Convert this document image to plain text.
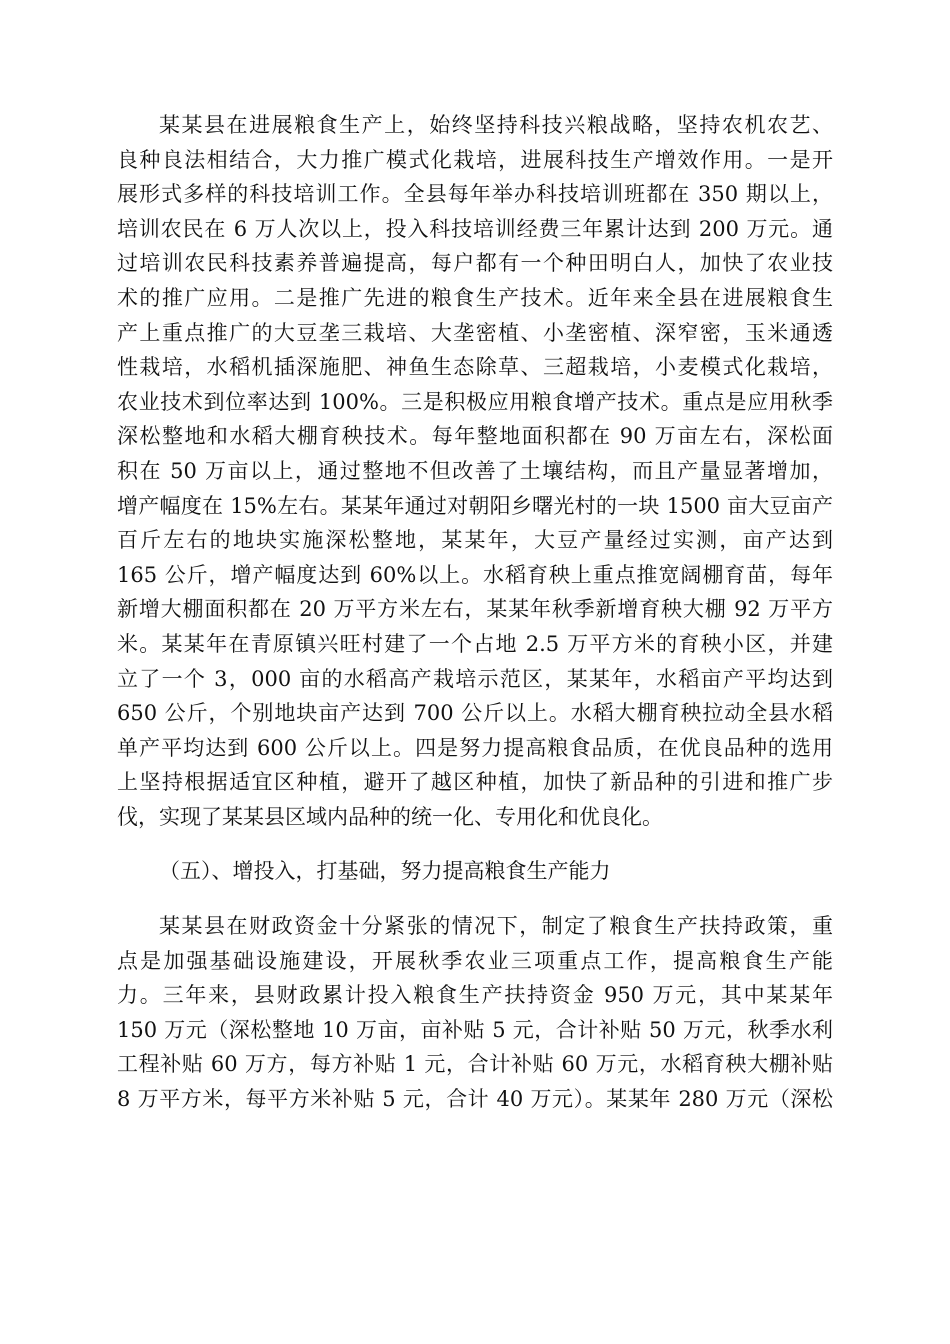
某某县在进展粮食生产上，始终坚持科技兴粮战略，坚持农机农艺、
良种良法相结合，大力推广模式化栽培，进展科技生产增效作用。一是开
展形式多样的科技培训工作。全县每年举办科技培训班都在 350 期以上，
培训农民在 6 万人次以上，投入科技培训经费三年累计达到 200 万元。通
过培训农民科技素养普遍提高，每户都有一个种田明白人，加快了农业技
术的推广应用。二是推广先进的粮食生产技术。近年来全县在进展粮食生
产上重点推广的大豆垄三栽培、大垄密植、小垄密植、深窄密，玉米通透
性栽培，水稻机插深施肥、神鱼生态除草、三超栽培，小麦模式化栽培，
农业技术到位率达到 100%。三是积极应用粮食增产技术。重点是应用秋季
深松整地和水稻大棚育秧技术。每年整地面积都在 90 万亩左右，深松面
积在 50 万亩以上，通过整地不但改善了土壤结构，而且产量显著增加，
增产幅度在 15%左右。某某年通过对朝阳乡曙光村的一块 1500 亩大豆亩产
百斤左右的地块实施深松整地，某某年，大豆产量经过实测，亩产达到
165 公斤，增产幅度达到 60%以上。水稻育秧上重点推宽阔棚育苗，每年
新增大棚面积都在 20 万平方米左右，某某年秋季新增育秧大棚 92 万平方
米。某某年在青原镇兴旺村建了一个占地 2.5 万平方米的育秧小区，并建
立了一个 3，000 亩的水稻高产栽培示范区，某某年，水稻亩产平均达到
650 公斤，个别地块亩产达到 700 公斤以上。水稻大棚育秧拉动全县水稻
单产平均达到 600 公斤以上。四是努力提高粮食品质，在优良品种的选用
上坚持根据适宜区种植，避开了越区种植，加快了新品种的引进和推广步
伐，实现了某某县区域内品种的统一化、专用化和优良化。
（五）、增投入，打基础，努力提高粮食生产能力
某某县在财政资金十分紧张的情况下，制定了粮食生产扶持政策，重
点是加强基础设施建设，开展秋季农业三项重点工作，提高粮食生产能
力。三年来，县财政累计投入粮食生产扶持资金 950 万元，其中某某年
150 万元（深松整地 10 万亩，亩补贴 5 元，合计补贴 50 万元，秋季水利
工程补贴 60 万方，每方补贴 1 元，合计补贴 60 万元，水稻育秧大棚补贴
8 万平方米，每平方米补贴 5 元，合计 40 万元）。某某年 280 万元（深松
